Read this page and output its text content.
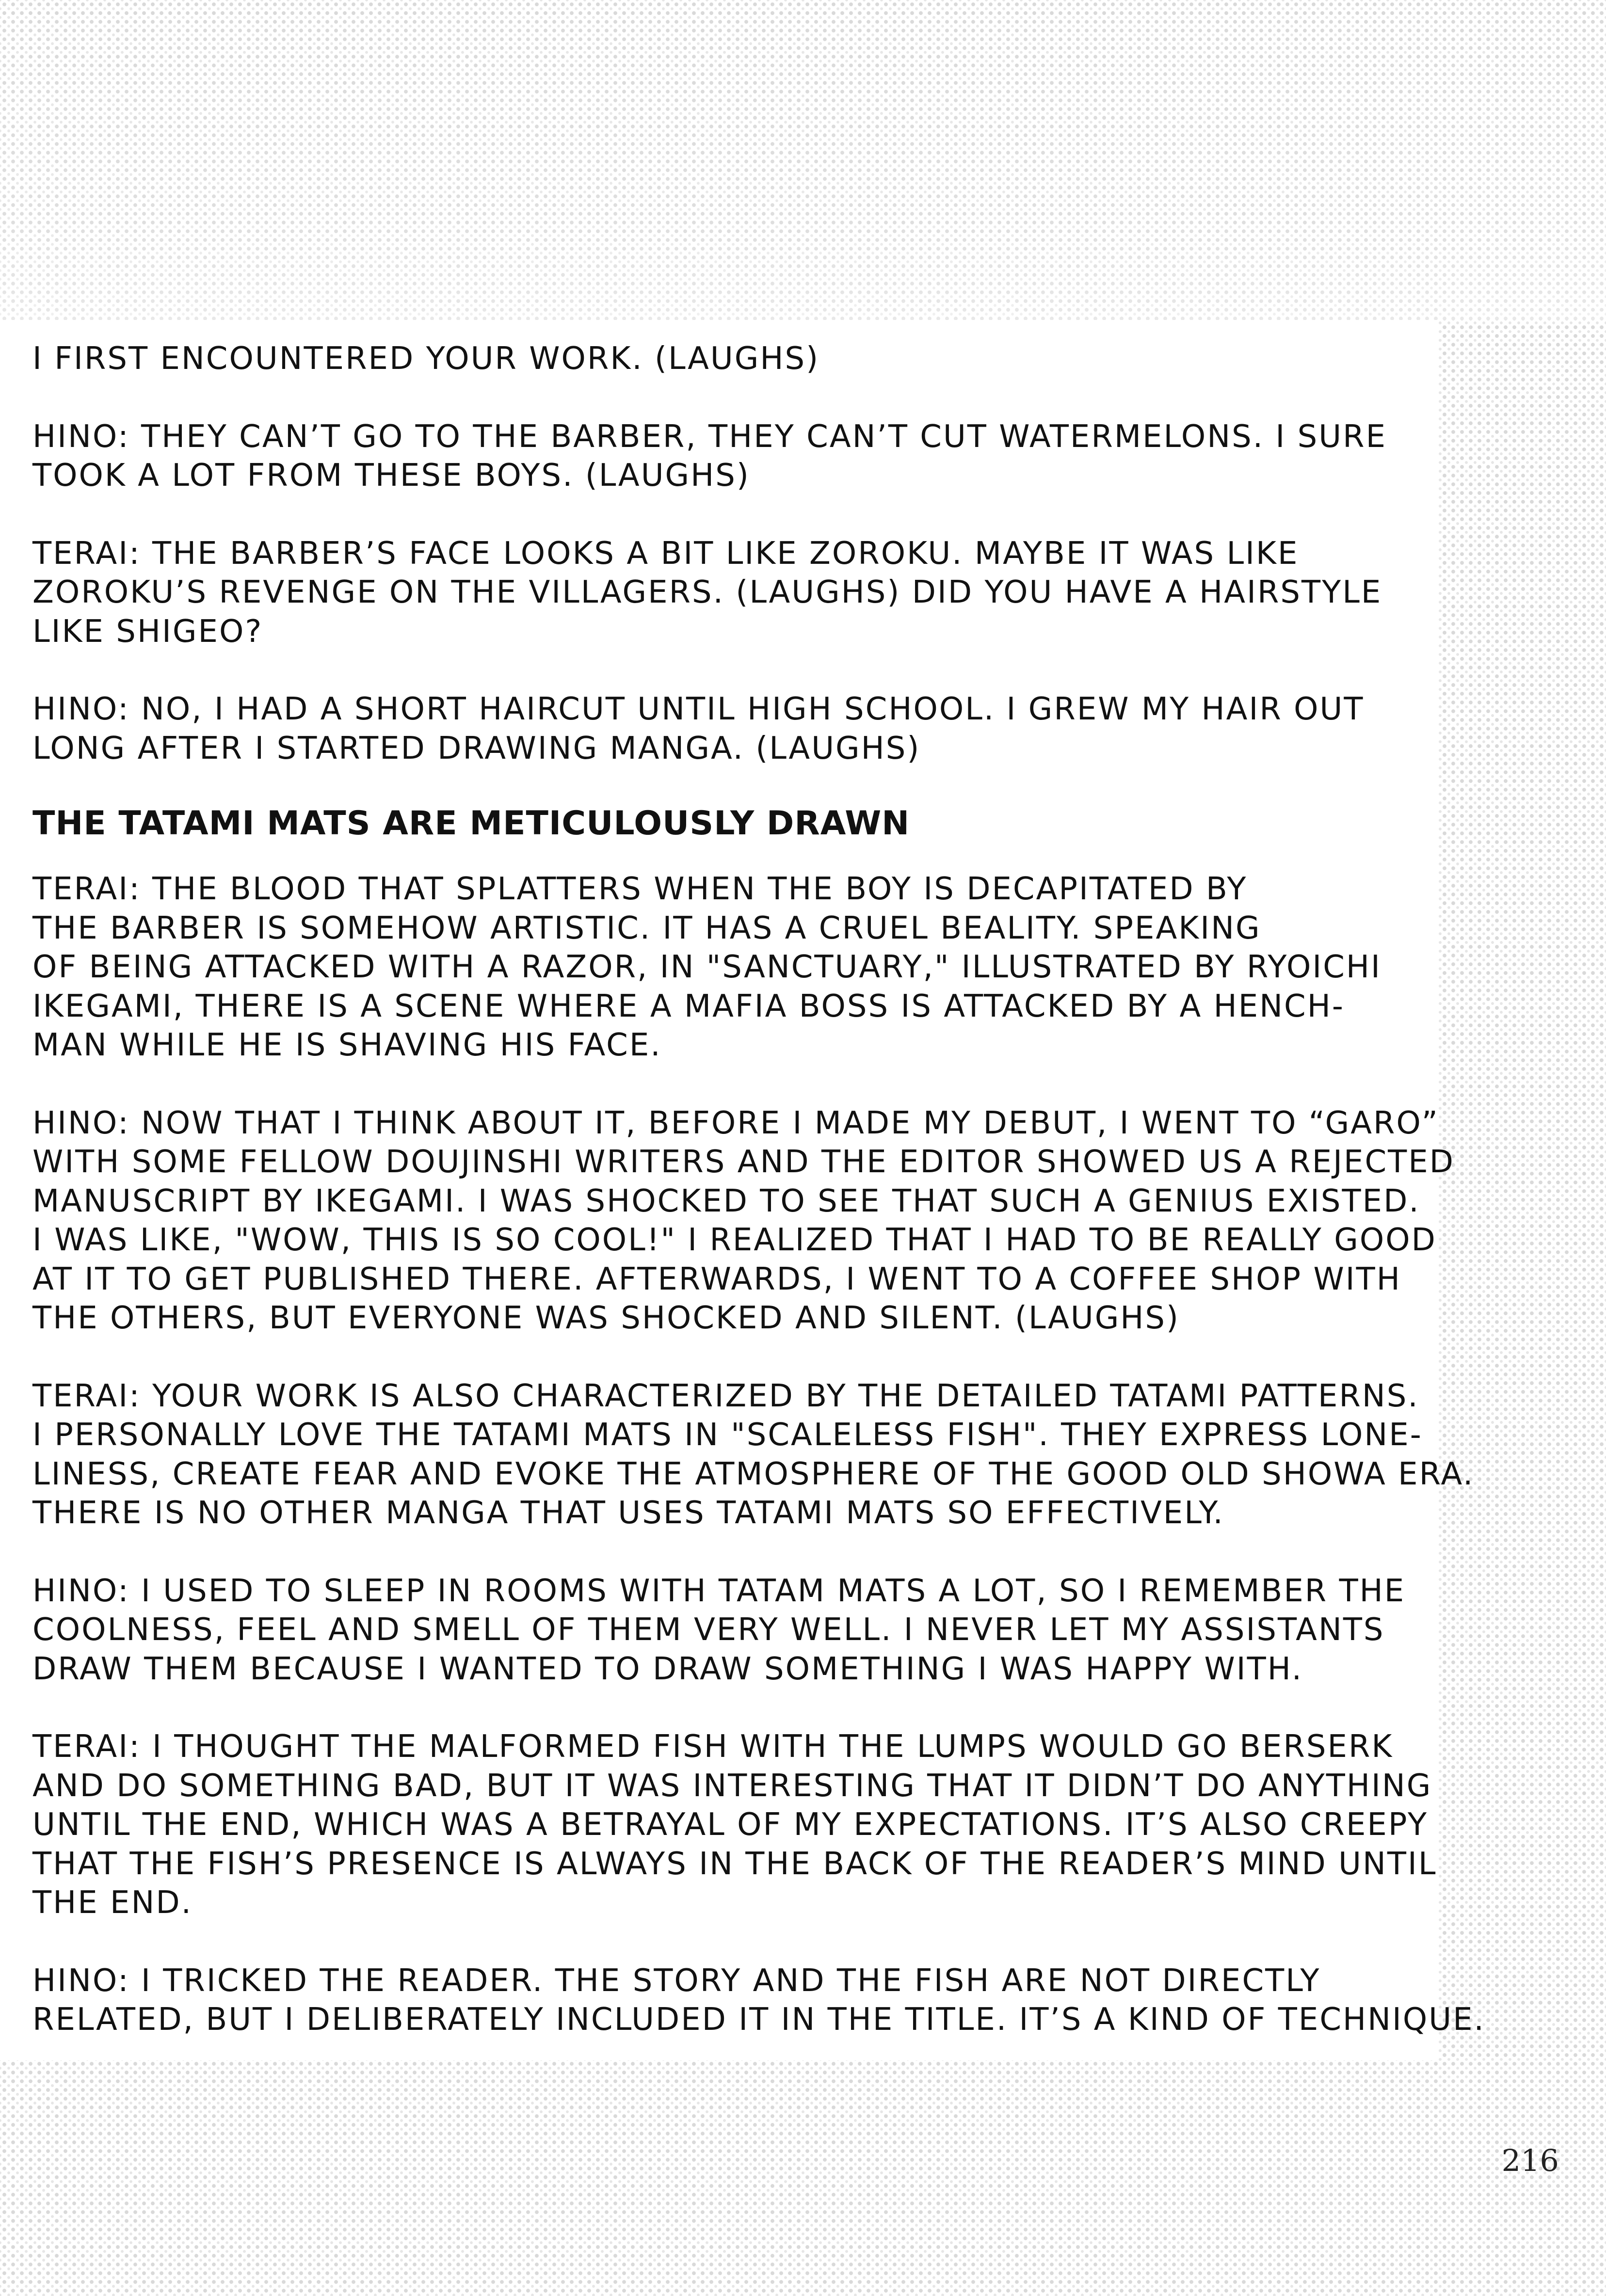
I FIRST ENCOUNTERED YOUR WORK. (LAUGHS)

HINO: THEY CAN’T GO TO THE BARBER, THEY CAN’T CUT WATERMELONS. I SURE
TOOK A LOT FROM THESE BOYS. (LAUGHS)

TERAI: THE BARBER’S FACE LOOKS A BIT LIKE ZOROKU. MAYBE IT WAS LIKE
ZOROKU’S REVENGE ON THE VILLAGERS. (LAUGHS) DID YOU HAVE A HAIRSTYLE
LIKE SHIGEO?

HINO: NO, I HAD A SHORT HAIRCUT UNTIL HIGH SCHOOL. I GREW MY HAIR OUT
LONG AFTER I STARTED DRAWING MANGA. (LAUGHS)

THE TATAMI MATS ARE METICULOUSLY DRAWN

TERAI: THE BLOOD THAT SPLATTERS WHEN THE BOY IS DECAPITATED BY
THE BARBER IS SOMEHOW ARTISTIC. IT HAS A CRUEL BEALITY. SPEAKING
OF BEING ATTACKED WITH A RAZOR, IN "SANCTUARY," ILLUSTRATED BY RYOICHI
IKEGAMI, THERE IS A SCENE WHERE A MAFIA BOSS IS ATTACKED BY A HENCH-
MAN WHILE HE IS SHAVING HIS FACE.

HINO: NOW THAT I THINK ABOUT IT, BEFORE I MADE MY DEBUT, I WENT TO “GARO”
WITH SOME FELLOW DOUJINSHI WRITERS AND THE EDITOR SHOWED US A REJECTED
MANUSCRIPT BY IKEGAMI. I WAS SHOCKED TO SEE THAT SUCH A GENIUS EXISTED.
I WAS LIKE, "WOW, THIS IS SO COOL!" I REALIZED THAT I HAD TO BE REALLY GOOD
AT IT TO GET PUBLISHED THERE. AFTERWARDS, I WENT TO A COFFEE SHOP WITH
THE OTHERS, BUT EVERYONE WAS SHOCKED AND SILENT. (LAUGHS)

TERAI: YOUR WORK IS ALSO CHARACTERIZED BY THE DETAILED TATAMI PATTERNS.
I PERSONALLY LOVE THE TATAMI MATS IN "SCALELESS FISH". THEY EXPRESS LONE-
LINESS, CREATE FEAR AND EVOKE THE ATMOSPHERE OF THE GOOD OLD SHOWA ERA.
THERE IS NO OTHER MANGA THAT USES TATAMI MATS SO EFFECTIVELY.

HINO: I USED TO SLEEP IN ROOMS WITH TATAM MATS A LOT, SO I REMEMBER THE
COOLNESS, FEEL AND SMELL OF THEM VERY WELL. I NEVER LET MY ASSISTANTS
DRAW THEM BECAUSE I WANTED TO DRAW SOMETHING I WAS HAPPY WITH.

TERAI: I THOUGHT THE MALFORMED FISH WITH THE LUMPS WOULD GO BERSERK
AND DO SOMETHING BAD, BUT IT WAS INTERESTING THAT IT DIDN’T DO ANYTHING
UNTIL THE END, WHICH WAS A BETRAYAL OF MY EXPECTATIONS. IT’S ALSO CREEPY
THAT THE FISH’S PRESENCE IS ALWAYS IN THE BACK OF THE READER’S MIND UNTIL
THE END.

HINO: I TRICKED THE READER. THE STORY AND THE FISH ARE NOT DIRECTLY
RELATED, BUT I DELIBERATELY INCLUDED IT IN THE TITLE. IT’S A KIND OF TECHNIQUE.

216
